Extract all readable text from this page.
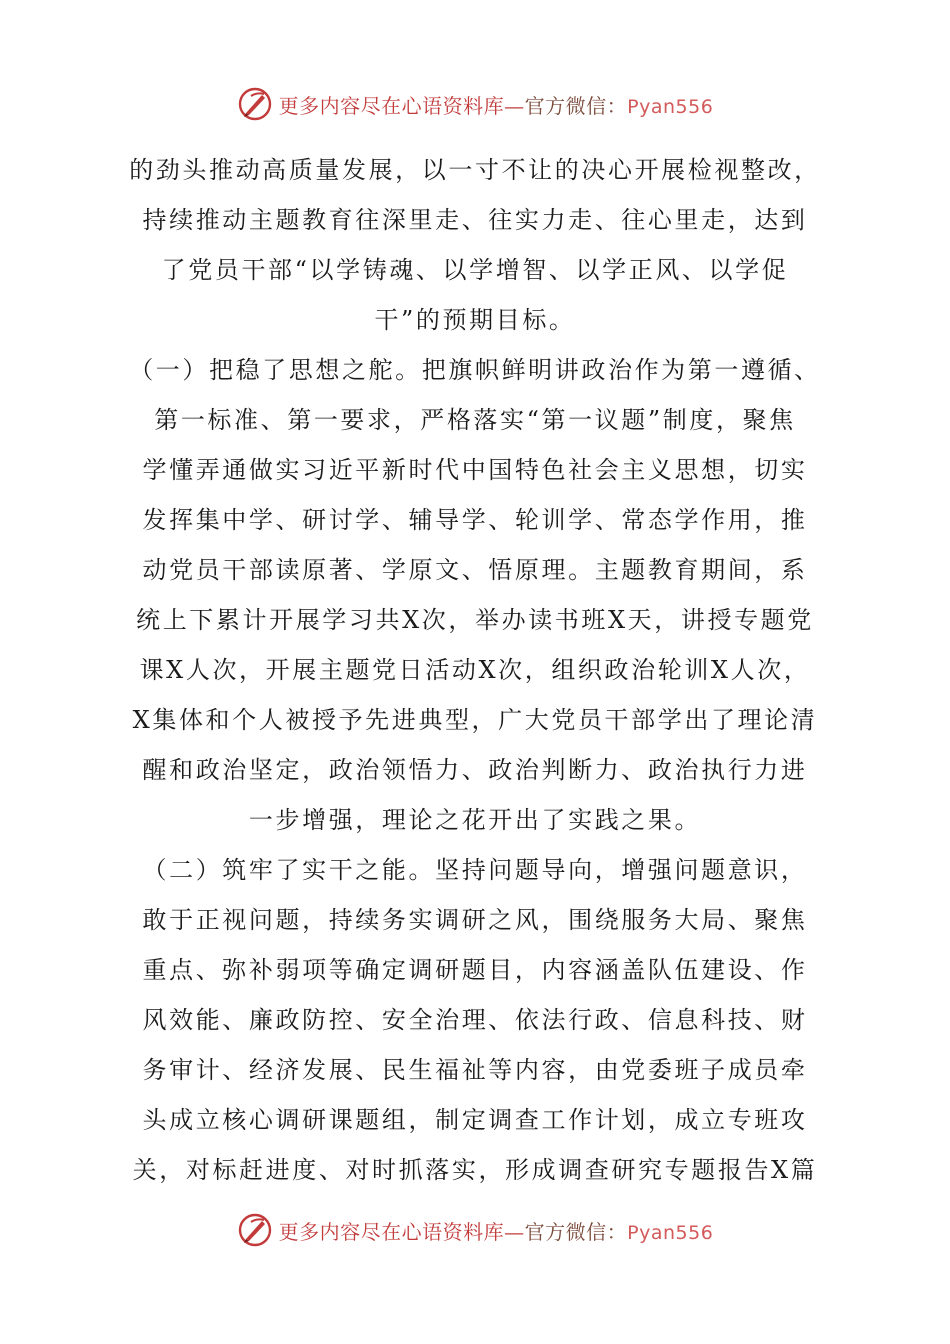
更多内容尽在心语资料库—官方微信：Pyan556
的劲头推动高质量发展，以一寸不让的决心开展检视整改，
持续推动主题教育往深里走、往实力走、往心里走，达到
了党员干部“以学铸魂、以学增智、以学正风、以学促
干”的预期目标。
（一）把稳了思想之舵。把旗帜鲜明讲政治作为第一遵循、
第一标准、第一要求，严格落实“第一议题”制度，聚焦
学懂弄通做实习近平新时代中国特色社会主义思想，切实
发挥集中学、研讨学、辅导学、轮训学、常态学作用，推
动党员干部读原著、学原文、悟原理。主题教育期间，系
统上下累计开展学习共X次，举办读书班X天，讲授专题党
课X人次，开展主题党日活动X次，组织政治轮训X人次，
X集体和个人被授予先进典型，广大党员干部学出了理论清
醒和政治坚定，政治领悟力、政治判断力、政治执行力进
一步增强，理论之花开出了实践之果。
（二）筑牢了实干之能。坚持问题导向，增强问题意识，
敢于正视问题，持续务实调研之风，围绕服务大局、聚焦
重点、弥补弱项等确定调研题目，内容涵盖队伍建设、作
风效能、廉政防控、安全治理、依法行政、信息科技、财
务审计、经济发展、民生福祉等内容，由党委班子成员牵
头成立核心调研课题组，制定调查工作计划，成立专班攻
关，对标赶进度、对时抓落实，形成调查研究专题报告X篇
更多内容尽在心语资料库—官方微信：Pyan556
